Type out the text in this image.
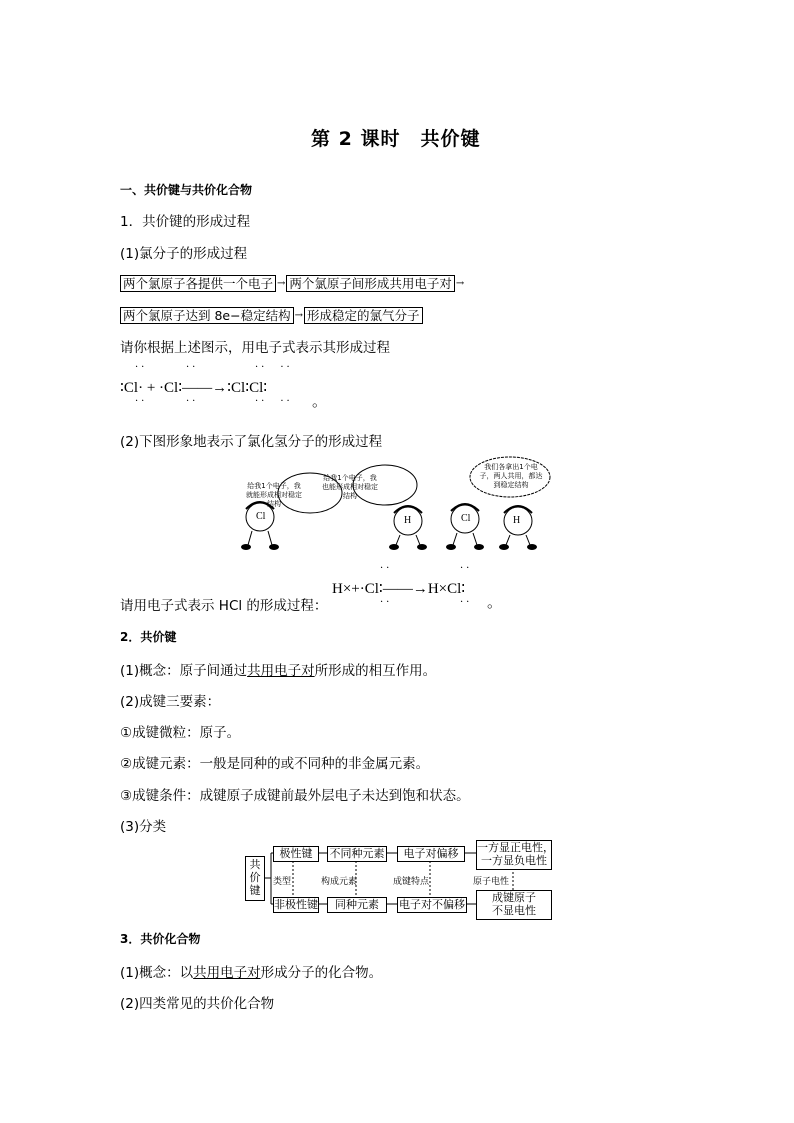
第 2 课时　共价键
一、共价键与共价化合物
1．共价键的形成过程
(1)氯分子的形成过程
两个氯原子各提供一个电子 → 两个氯原子间形成共用电子对 →
两个氯原子达到 8e−稳定结构 → 形成稳定的氯气分子
请你根据上述图示，用电子式表示其形成过程
··
··
··
··
··　··
··　··
∶Cl· + ·Cl∶——→∶Cl∶Cl∶
。
(2)下图形象地表示了氯化氢分子的形成过程
给我1个电子，我就能形成相对稳定结构
给我1个电子，我也能形成相对稳定结构
我们各拿出1个电子，两人共用，都达到稳定结构
Cl	H	Cl	H
请用电子式表示 HCl 的形成过程：
··
··
··
··
H×+·Cl∶——→H×Cl∶
。
2．共价键
(1)概念：原子间通过共用电子对所形成的相互作用。
(2)成键三要素：
①成键微粒：原子。
②成键元素：一般是同种的或不同种的非金属元素。
③成键条件：成键原子成键前最外层电子未达到饱和状态。
(3)分类
共价键
极性键	不同种元素	电子对偏移	一方显正电性，
一方显负电性
类型	构成元素	成键特点	原子电性
非极性键	同种元素	电子对不偏移
成键原子
不显电性
3．共价化合物
(1)概念：以共用电子对形成分子的化合物。
(2)四类常见的共价化合物
